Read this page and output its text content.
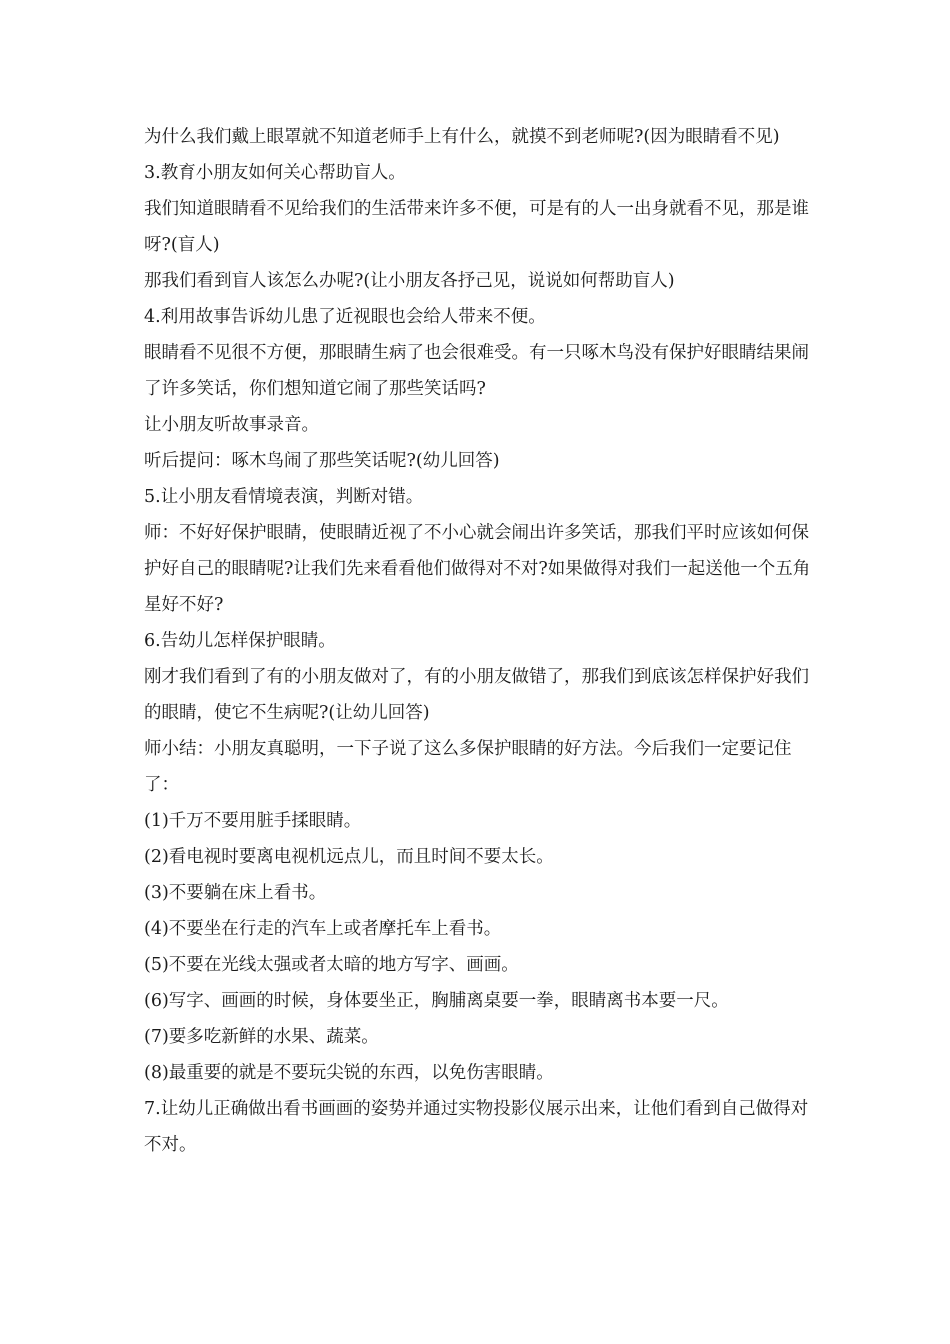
为什么我们戴上眼罩就不知道老师手上有什么，就摸不到老师呢?(因为眼睛看不见)

3.教育小朋友如何关心帮助盲人。

我们知道眼睛看不见给我们的生活带来许多不便，可是有的人一出身就看不见，那是谁呀?(盲人)

那我们看到盲人该怎么办呢?(让小朋友各抒己见，说说如何帮助盲人)

4.利用故事告诉幼儿患了近视眼也会给人带来不便。

眼睛看不见很不方便，那眼睛生病了也会很难受。有一只啄木鸟没有保护好眼睛结果闹了许多笑话，你们想知道它闹了那些笑话吗?

让小朋友听故事录音。

听后提问：啄木鸟闹了那些笑话呢?(幼儿回答)

5.让小朋友看情境表演，判断对错。

师：不好好保护眼睛，使眼睛近视了不小心就会闹出许多笑话，那我们平时应该如何保护好自己的眼睛呢?让我们先来看看他们做得对不对?如果做得对我们一起送他一个五角星好不好?

6.告幼儿怎样保护眼睛。

刚才我们看到了有的小朋友做对了，有的小朋友做错了，那我们到底该怎样保护好我们的眼睛，使它不生病呢?(让幼儿回答)

师小结：小朋友真聪明，一下子说了这么多保护眼睛的好方法。今后我们一定要记住了：

(1)千万不要用脏手揉眼睛。

(2)看电视时要离电视机远点儿，而且时间不要太长。

(3)不要躺在床上看书。

(4)不要坐在行走的汽车上或者摩托车上看书。

(5)不要在光线太强或者太暗的地方写字、画画。

(6)写字、画画的时候，身体要坐正，胸脯离桌要一拳，眼睛离书本要一尺。

(7)要多吃新鲜的水果、蔬菜。

(8)最重要的就是不要玩尖锐的东西，以免伤害眼睛。

7.让幼儿正确做出看书画画的姿势并通过实物投影仪展示出来，让他们看到自己做得对不对。
